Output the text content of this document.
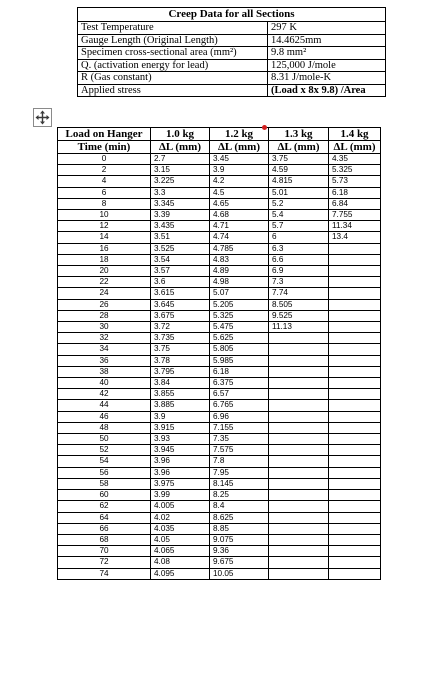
Creep Data for all Sections	
Test Temperature	297 K
Gauge Length (Original Length)	14.4625mm
Specimen cross-sectional area (mm²)	9.8 mm²
Q. (activation energy for lead)	125,000 J/mole
R (Gas constant)	8.31 J/mole-K
Applied stress	(Load x 8x 9.8) /Area
Load on Hanger	1.0 kg	1.2 kg	1.3 kg	1.4 kg
Time (min)	ΔL (mm)	ΔL (mm)	ΔL (mm)	ΔL (mm)
0	2.7	3.45	3.75	4.35
2	3.15	3.9	4.59	5.325
4	3.225	4.2	4.815	5.73
6	3.3	4.5	5.01	6.18
8	3.345	4.65	5.2	6.84
10	3.39	4.68	5.4	7.755
12	3.435	4.71	5.7	11.34
14	3.51	4.74	6	13.4
16	3.525	4.785	6.3	
18	3.54	4.83	6.6	
20	3.57	4.89	6.9	
22	3.6	4.98	7.3	
24	3.615	5.07	7.74	
26	3.645	5.205	8.505	
28	3.675	5.325	9.525	
30	3.72	5.475	11.13	
32	3.735	5.625		
34	3.75	5.805		
36	3.78	5.985		
38	3.795	6.18		
40	3.84	6.375		
42	3.855	6.57		
44	3.885	6.765		
46	3.9	6.96		
48	3.915	7.155		
50	3.93	7.35		
52	3.945	7.575		
54	3.96	7.8		
56	3.96	7.95		
58	3.975	8.145		
60	3.99	8.25		
62	4.005	8.4		
64	4.02	8.625		
66	4.035	8.85		
68	4.05	9.075		
70	4.065	9.36		
72	4.08	9.675		
74	4.095	10.05		
